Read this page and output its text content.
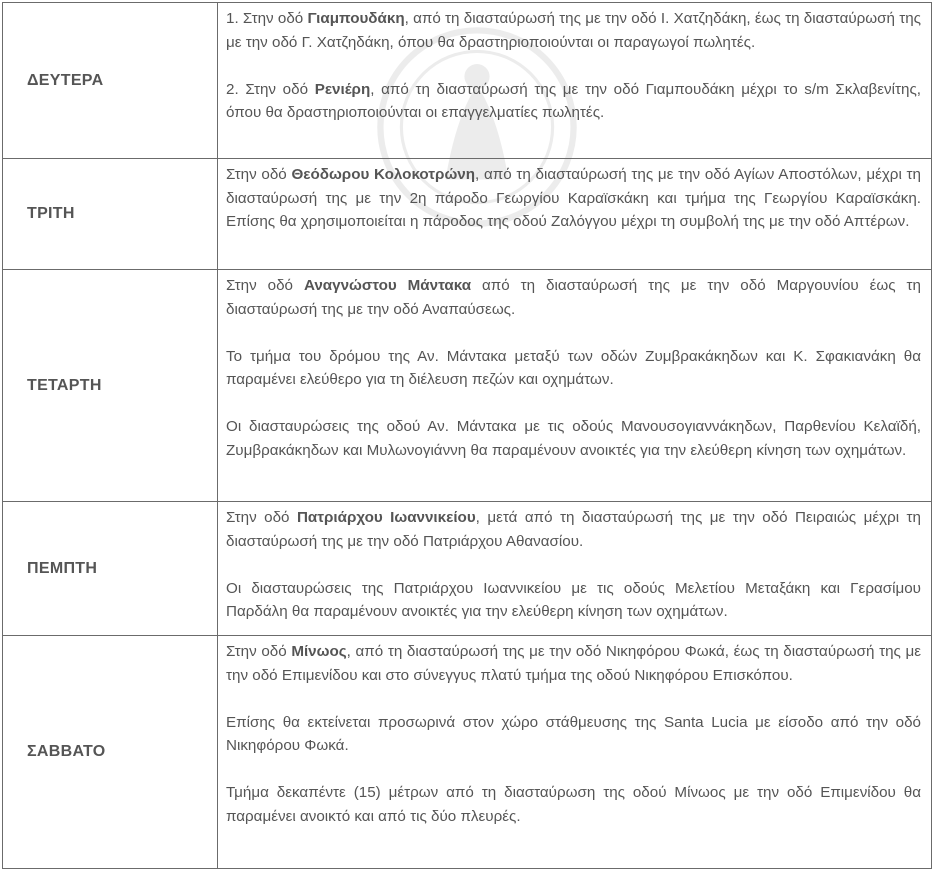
ΔΕΥΤΕΡΑ	1. Στην οδό Γιαμπουδάκη, από τη διασταύρωσή της με την οδό Ι. Χατζηδάκη, έως τη διασταύρωσή της με την οδό Γ. Χατζηδάκη, όπου θα δραστηριοποιούνται οι παραγωγοί πωλητές.

2. Στην οδό Ρενιέρη, από τη διασταύρωσή της με την οδό Γιαμπουδάκη μέχρι το s/m Σκλαβενίτης, όπου θα δραστηριοποιούνται οι επαγγελματίες πωλητές.

ΤΡΙΤΗ	Στην οδό Θεόδωρου Κολοκοτρώνη, από τη διασταύρωσή της με την οδό Αγίων Αποστόλων, μέχρι τη διασταύρωσή της με την 2η πάροδο Γεωργίου Καραϊσκάκη και τμήμα της Γεωργίου Καραϊσκάκη. Επίσης θα χρησιμοποιείται η πάροδος της οδού Ζαλόγγου μέχρι τη συμβολή της με την οδό Απτέρων.

ΤΕΤΑΡΤΗ	Στην οδό Αναγνώστου Μάντακα από τη διασταύρωσή της με την οδό Μαργουνίου έως τη διασταύρωσή της με την οδό Αναπαύσεως.

Το τμήμα του δρόμου της Αν. Μάντακα μεταξύ των οδών Ζυμβρακάκηδων και Κ. Σφακιανάκη θα παραμένει ελεύθερο για τη διέλευση πεζών και οχημάτων.

Οι διασταυρώσεις της οδού Αν. Μάντακα με τις οδούς Μανουσογιαννάκηδων, Παρθενίου Κελαϊδή, Ζυμβρακάκηδων και Μυλωνογιάννη θα παραμένουν ανοικτές για την ελεύθερη κίνηση των οχημάτων.

ΠΕΜΠΤΗ	Στην οδό Πατριάρχου Ιωαννικείου, μετά από τη διασταύρωσή της με την οδό Πειραιώς μέχρι τη διασταύρωσή της με την οδό Πατριάρχου Αθανασίου.

Οι διασταυρώσεις της Πατριάρχου Ιωαννικείου με τις οδούς Μελετίου Μεταξάκη και Γερασίμου Παρδάλη θα παραμένουν ανοικτές για την ελεύθερη κίνηση των οχημάτων.

ΣΑΒΒΑΤΟ	Στην οδό Μίνωος, από τη διασταύρωσή της με την οδό Νικηφόρου Φωκά, έως τη διασταύρωσή της με την οδό Επιμενίδου και στο σύνεγγυς πλατύ τμήμα της οδού Νικηφόρου Επισκόπου.

Επίσης θα εκτείνεται προσωρινά στον χώρο στάθμευσης της Santa Lucia με είσοδο από την οδό Νικηφόρου Φωκά.

Τμήμα δεκαπέντε (15) μέτρων από τη διασταύρωση της οδού Μίνωος με την οδό Επιμενίδου θα παραμένει ανοικτό και από τις δύο πλευρές.
